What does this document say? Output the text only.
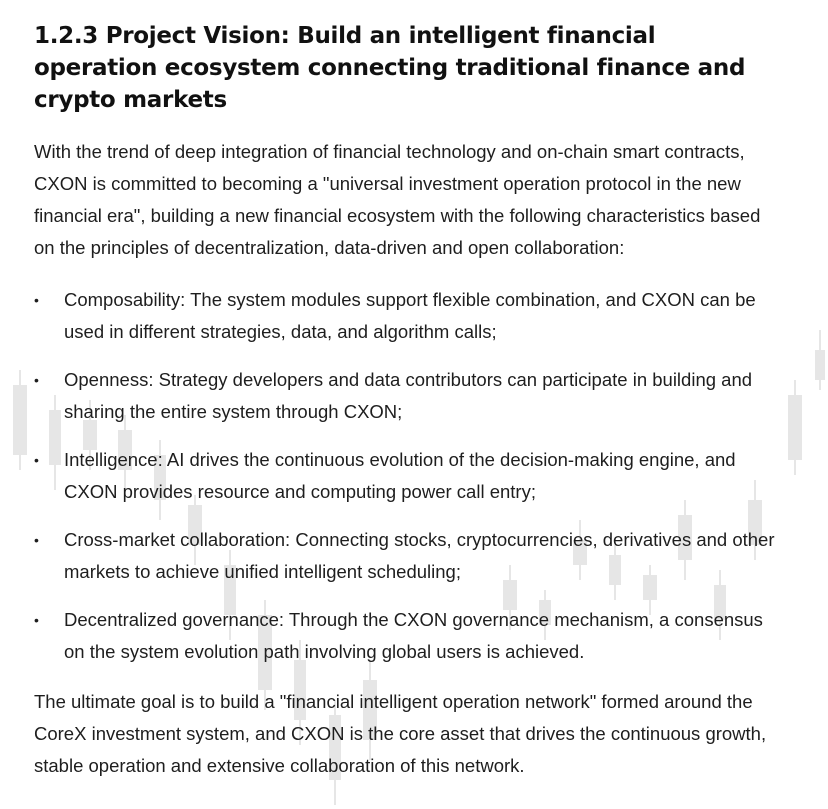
1.2.3 Project Vision: Build an intelligent financial operation ecosystem connecting traditional finance and crypto markets

With the trend of deep integration of financial technology and on-chain smart contracts, CXON is committed to becoming a "universal investment operation protocol in the new financial era", building a new financial ecosystem with the following characteristics based on the principles of decentralization, data-driven and open collaboration:

• Composability: The system modules support flexible combination, and CXON can be used in different strategies, data, and algorithm calls;
• Openness: Strategy developers and data contributors can participate in building and sharing the entire system through CXON;
• Intelligence: AI drives the continuous evolution of the decision-making engine, and CXON provides resource and computing power call entry;
• Cross-market collaboration: Connecting stocks, cryptocurrencies, derivatives and other markets to achieve unified intelligent scheduling;
• Decentralized governance: Through the CXON governance mechanism, a consensus on the system evolution path involving global users is achieved.

The ultimate goal is to build a "financial intelligent operation network" formed around the CoreX investment system, and CXON is the core asset that drives the continuous growth, stable operation and extensive collaboration of this network.
